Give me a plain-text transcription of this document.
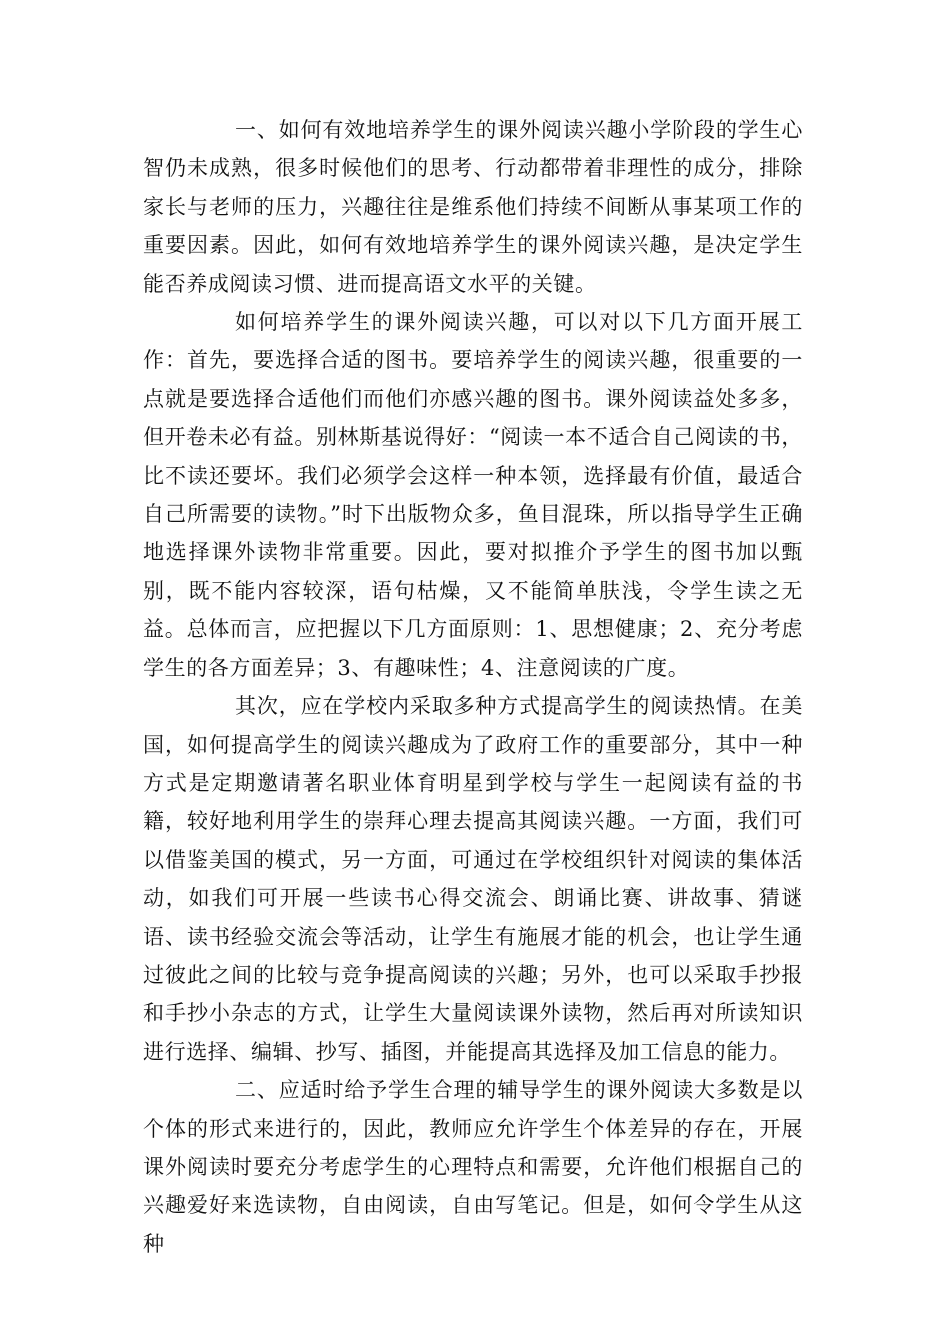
一、如何有效地培养学生的课外阅读兴趣小学阶段的学生心智仍未成熟，很多时候他们的思考、行动都带着非理性的成分，排除家长与老师的压力，兴趣往往是维系他们持续不间断从事某项工作的重要因素。因此，如何有效地培养学生的课外阅读兴趣，是决定学生能否养成阅读习惯、进而提高语文水平的关键。

如何培养学生的课外阅读兴趣，可以对以下几方面开展工作：首先，要选择合适的图书。要培养学生的阅读兴趣，很重要的一点就是要选择合适他们而他们亦感兴趣的图书。课外阅读益处多多，但开卷未必有益。别林斯基说得好：“阅读一本不适合自己阅读的书，比不读还要坏。我们必须学会这样一种本领，选择最有价值，最适合自己所需要的读物。”时下出版物众多，鱼目混珠，所以指导学生正确地选择课外读物非常重要。因此，要对拟推介予学生的图书加以甄别，既不能内容较深，语句枯燥，又不能简单肤浅，令学生读之无益。总体而言，应把握以下几方面原则：1、思想健康；2、充分考虑学生的各方面差异；3、有趣味性；4、注意阅读的广度。

其次，应在学校内采取多种方式提高学生的阅读热情。在美国，如何提高学生的阅读兴趣成为了政府工作的重要部分，其中一种方式是定期邀请著名职业体育明星到学校与学生一起阅读有益的书籍，较好地利用学生的崇拜心理去提高其阅读兴趣。一方面，我们可以借鉴美国的模式，另一方面，可通过在学校组织针对阅读的集体活动，如我们可开展一些读书心得交流会、朗诵比赛、讲故事、猜谜语、读书经验交流会等活动，让学生有施展才能的机会，也让学生通过彼此之间的比较与竞争提高阅读的兴趣；另外，也可以采取手抄报和手抄小杂志的方式，让学生大量阅读课外读物，然后再对所读知识进行选择、编辑、抄写、插图，并能提高其选择及加工信息的能力。

二、应适时给予学生合理的辅导学生的课外阅读大多数是以个体的形式来进行的，因此，教师应允许学生个体差异的存在，开展课外阅读时要充分考虑学生的心理特点和需要，允许他们根据自己的兴趣爱好来选读物，自由阅读，自由写笔记。但是，如何令学生从这种
